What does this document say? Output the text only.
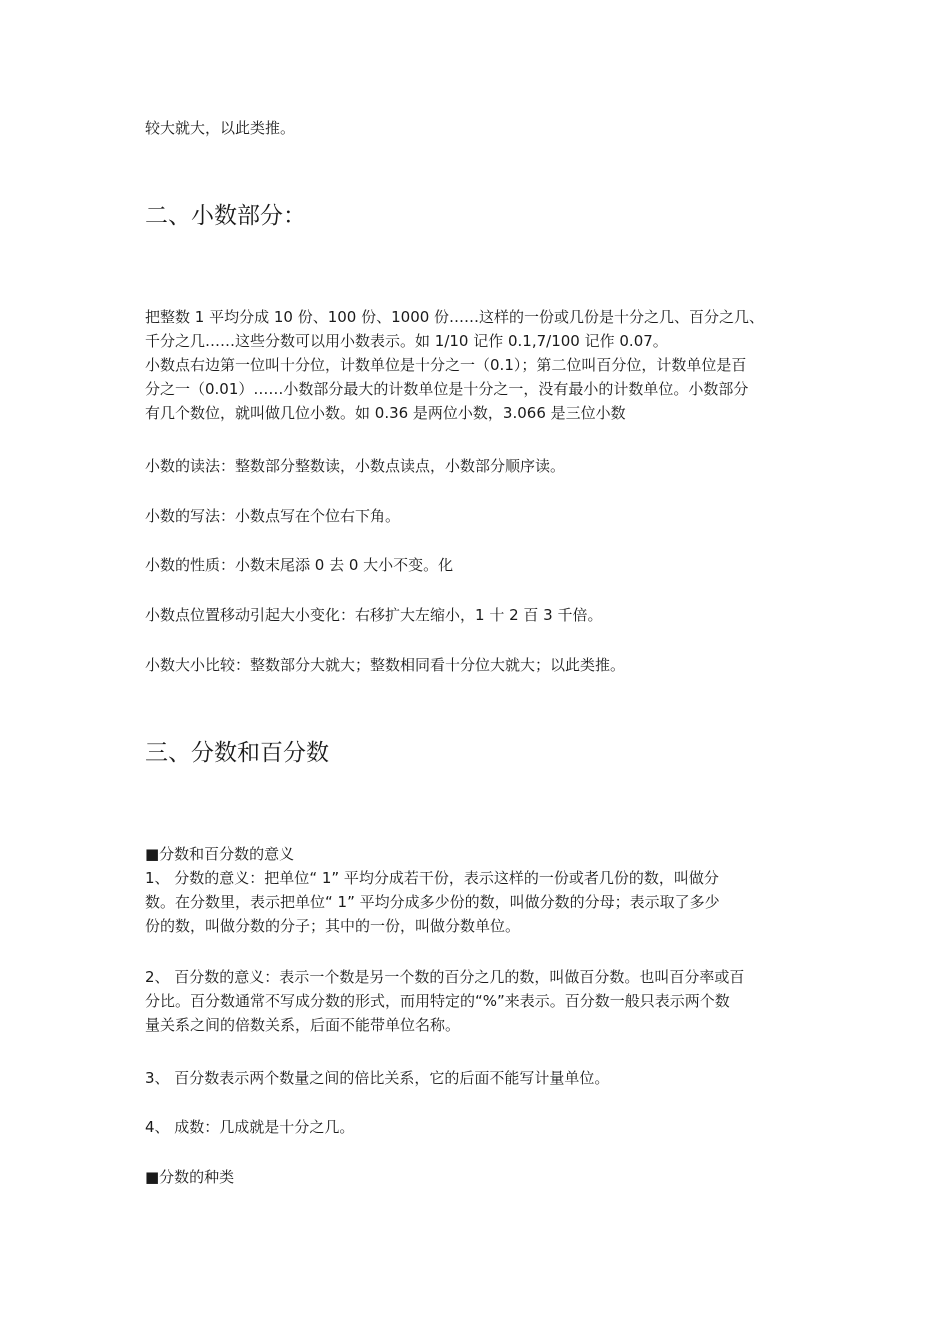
较大就大，以此类推。

二、小数部分：
把整数 1 平均分成 10 份、100 份、1000 份……这样的一份或几份是十分之几、百分之几、
千分之几……这些分数可以用小数表示。如 1/10 记作 0.1,7/100 记作 0.07。
小数点右边第一位叫十分位，计数单位是十分之一（0.1）；第二位叫百分位，计数单位是百
分之一（0.01）……小数部分最大的计数单位是十分之一，没有最小的计数单位。小数部分
有几个数位，就叫做几位小数。如 0.36 是两位小数，3.066 是三位小数

小数的读法：整数部分整数读，小数点读点，小数部分顺序读。

小数的写法：小数点写在个位右下角。

小数的性质：小数末尾添 0 去 0 大小不变。化

小数点位置移动引起大小变化：右移扩大左缩小，1 十 2 百 3 千倍。

小数大小比较：整数部分大就大；整数相同看十分位大就大；以此类推。

三、分数和百分数

■分数和百分数的意义

1、 分数的意义：把单位“ 1” 平均分成若干份，表示这样的一份或者几份的数，叫做分
数。在分数里，表示把单位“ 1” 平均分成多少份的数，叫做分数的分母；表示取了多少
份的数，叫做分数的分子；其中的一份，叫做分数单位。
2、 百分数的意义：表示一个数是另一个数的百分之几的数，叫做百分数。也叫百分率或百
分比。百分数通常不写成分数的形式，而用特定的“%”来表示。百分数一般只表示两个数
量关系之间的倍数关系，后面不能带单位名称。

3、 百分数表示两个数量之间的倍比关系，它的后面不能写计量单位。

4、 成数：几成就是十分之几。

■分数的种类
